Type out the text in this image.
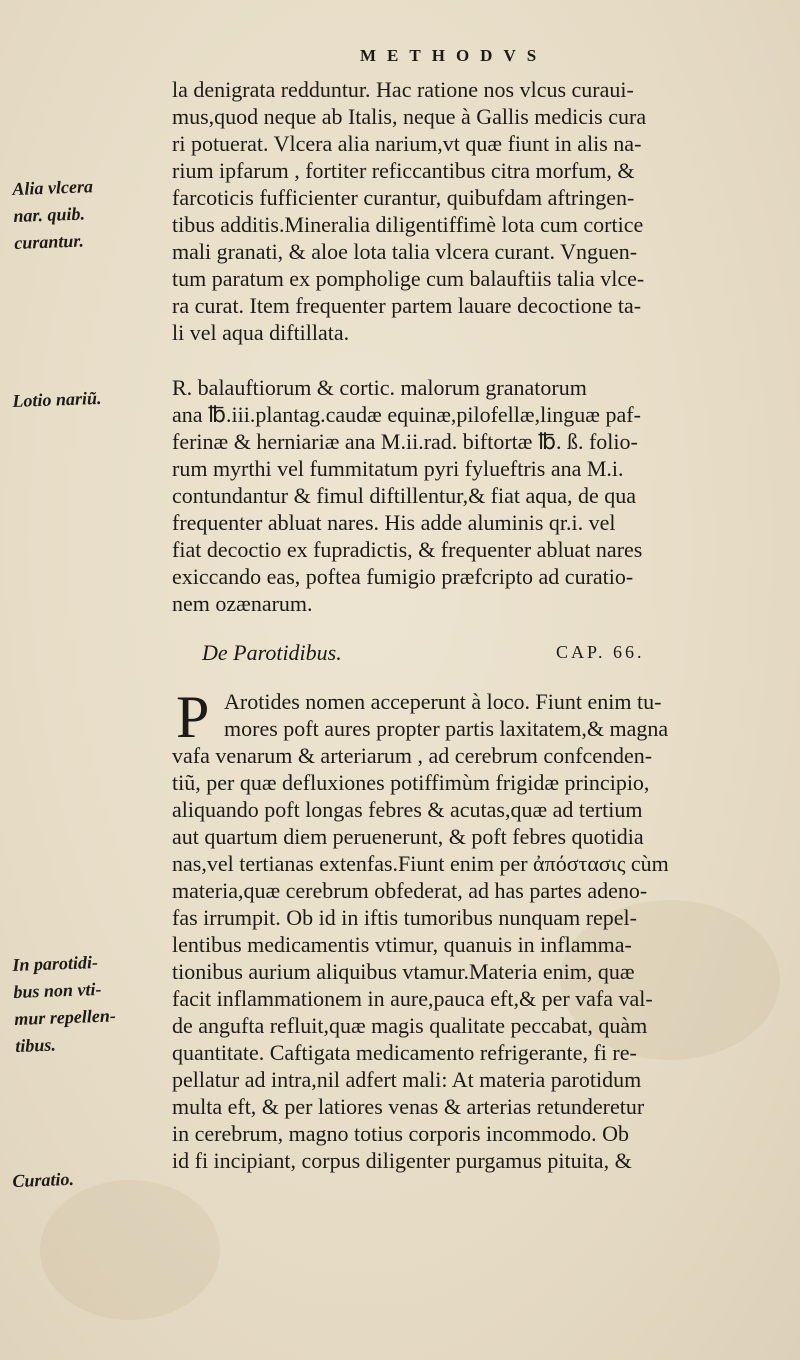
METHODVS
Alia vlcera
nar. quib.
curantur.
Lotio nariũ.
In parotidi-
bus non vti-
mur repellen-
tibus.
Curatio.
la denigrata redduntur. Hac ratione nos vlcus curaui-
mus,quod neque ab Italis, neque à Gallis medicis cura
ri potuerat. Vlcera alia narium,vt quæ fiunt in alis na-
rium ipfarum , fortiter reficcantibus citra morfum, &
farcoticis fufficienter curantur, quibufdam aftringen-
tibus additis.Mineralia diligentiffimè lota cum cortice
mali granati, & aloe lota talia vlcera curant. Vnguen-
tum paratum ex pompholige cum balauftiis talia vlce-
ra curat. Item frequenter partem lauare decoctione ta-
li vel aqua diftillata.
R. balauftiorum & cortic. malorum granatorum
ana ℔.iii.plantag.caudæ equinæ,pilofellæ,linguæ paf-
ferinæ & herniariæ ana M.ii.rad. biftortæ ℔. ß. folio-
rum myrthi vel fummitatum pyri fylueftris ana M.i.
contundantur & fimul diftillentur,& fiat aqua, de qua
frequenter abluat nares. His adde aluminis qr.i. vel
fiat decoctio ex fupradictis, & frequenter abluat nares
exiccando eas, poftea fumigio præfcripto ad curatio-
nem ozænarum.
De Parotidibus.	CAP. 66.
P Arotides nomen acceperunt à loco. Fiunt enim tu-
mores poft aures propter partis laxitatem,& magna
vafa venarum & arteriarum , ad cerebrum confcenden-
tiũ, per quæ defluxiones potiffimùm frigidæ principio,
aliquando poft longas febres & acutas,quæ ad tertium
aut quartum diem peruenerunt, & poft febres quotidia
nas,vel tertianas extenfas.Fiunt enim per ἀπόστασις cùm
materia,quæ cerebrum obfederat, ad has partes adeno-
fas irrumpit. Ob id in iftis tumoribus nunquam repel-
lentibus medicamentis vtimur, quanuis in inflamma-
tionibus aurium aliquibus vtamur.Materia enim, quæ
facit inflammationem in aure,pauca eft,& per vafa val-
de angufta refluit,quæ magis qualitate peccabat, quàm
quantitate. Caftigata medicamento refrigerante, fi re-
pellatur ad intra,nil adfert mali: At materia parotidum
multa eft, & per latiores venas & arterias retunderetur
in cerebrum, magno totius corporis incommodo. Ob
id fi incipiant, corpus diligenter purgamus pituita, &
